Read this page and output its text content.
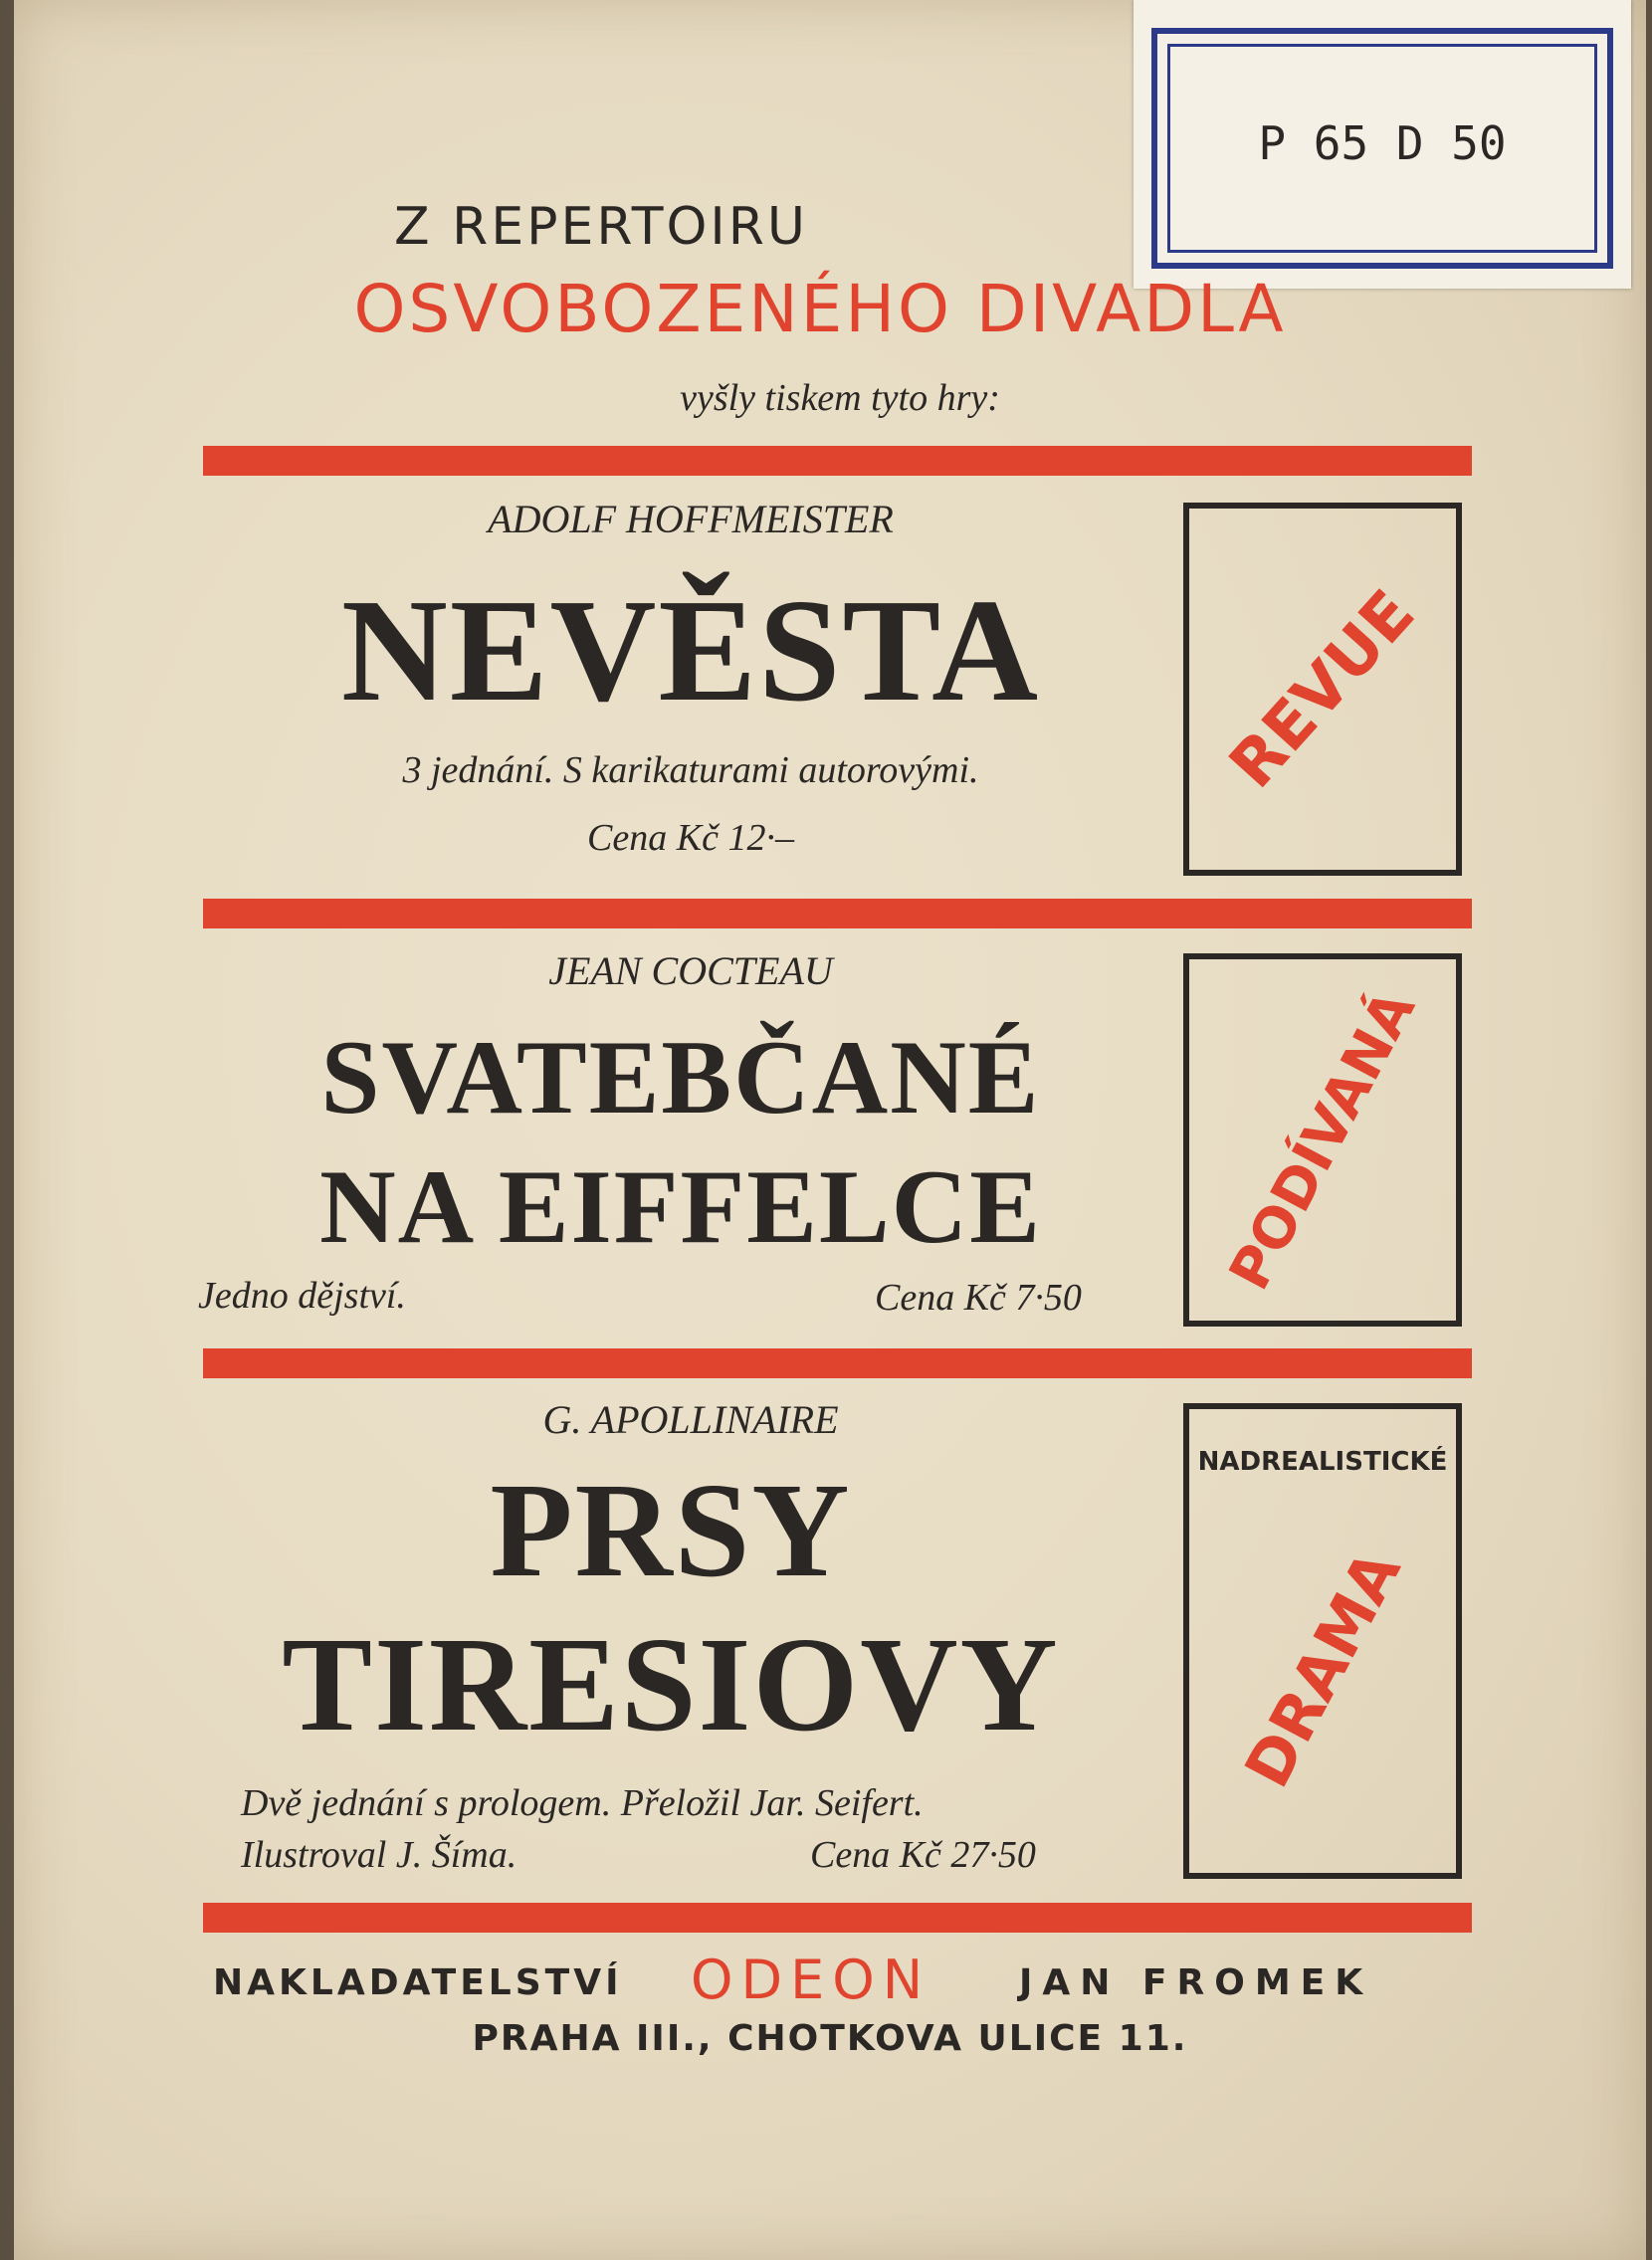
P 65 D 50
Z REPERTOIRU
OSVOBOZENÉHO DIVADLA
vyšly tiskem tyto hry:
ADOLF HOFFMEISTER
NEVĚSTA
3 jednání. S karikaturami autorovými.
Cena Kč 12·–
REVUE
JEAN COCTEAU
SVATEBČANÉ
NA EIFFELCE
Jedno dějství.	Cena Kč 7·50 PODÍVANÁ
G. APOLLINAIRE
PRSY
TIRESIOVY
Dvě jednání s prologem. Přeložil Jar. Seifert.
Ilustroval J. Šíma.	Cena Kč 27·50
NADREALISTICKÉ
DRAMA
NAKLADATELSTVÍ ODEON JAN FROMEK
PRAHA III., CHOTKOVA ULICE 11.
